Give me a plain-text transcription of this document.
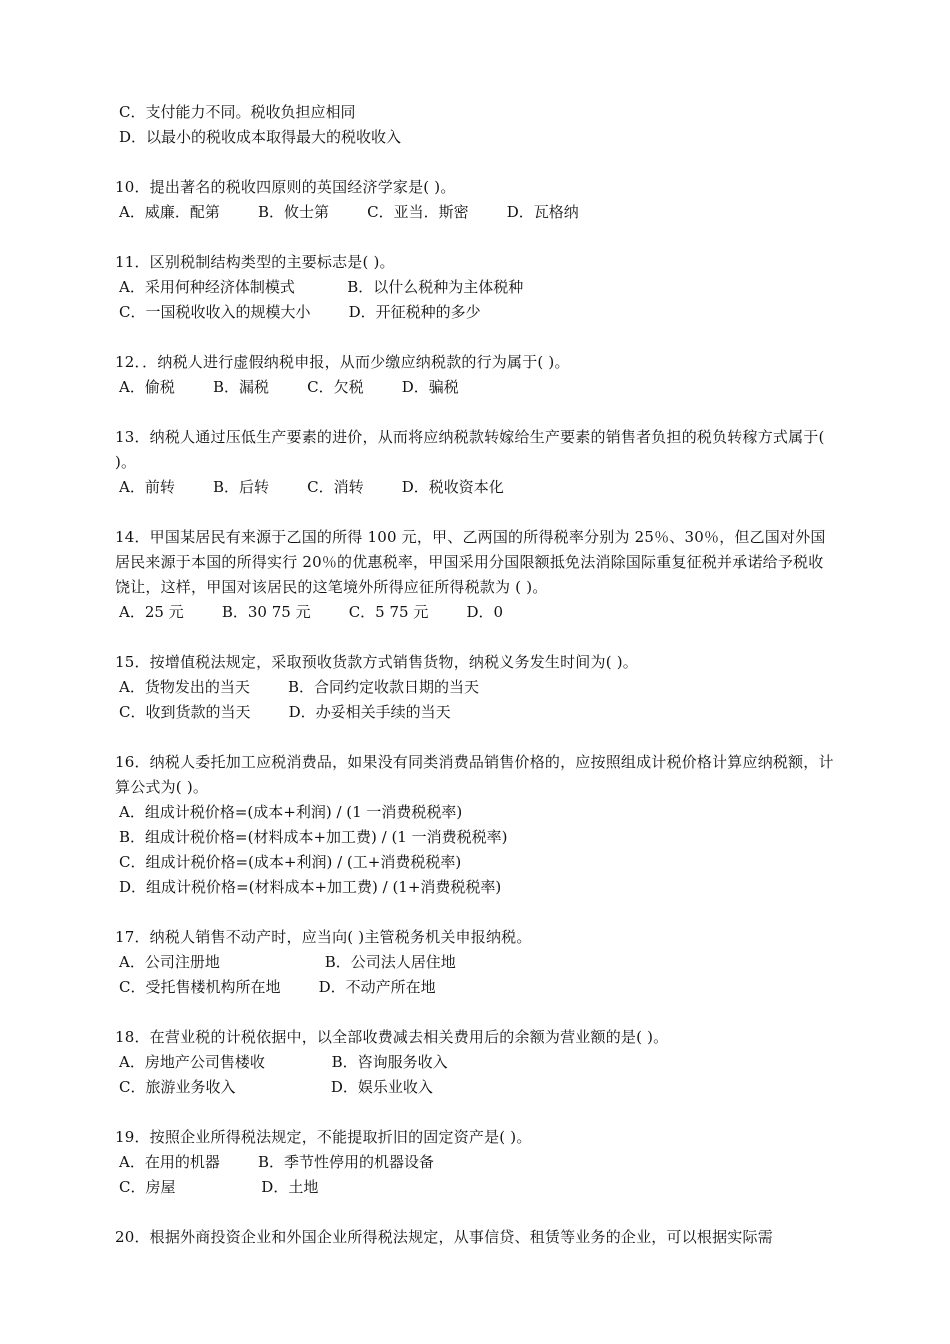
C．支付能力不同。税收负担应相同
D．以最小的税收成本取得最大的税收收入
10．提出著名的税收四原则的英国经济学家是( )。
A．威廉．配第        B．攸士第        C．亚当．斯密        D．瓦格纳
11．区别税制结构类型的主要标志是( )。
A．采用何种经济体制模式           B．以什么税种为主体税种
C．一国税收收入的规模大小        D．开征税种的多少
12．．纳税人进行虚假纳税申报，从而少缴应纳税款的行为属于( )。
A．偷税        B．漏税        C．欠税        D．骗税
13．纳税人通过压低生产要素的进价，从而将应纳税款转嫁给生产要素的销售者负担的税负转稼方式属于( )。
A．前转        B．后转        C．消转        D．税收资本化
14．甲国某居民有来源于乙国的所得 100 元，甲、乙两国的所得税率分别为 25％、30％，但乙国对外国居民来源于本国的所得实行 20％的优惠税率，甲国采用分国限额抵免法消除国际重复征税并承诺给予税收饶让，这样，甲国对该居民的这笔境外所得应征所得税款为 ( )。
A．25 元        B．30 75 元        C．5 75 元        D．0
15．按增值税法规定，采取预收货款方式销售货物，纳税义务发生时间为( )。
A．货物发出的当天        B．合同约定收款日期的当天
C．收到货款的当天        D．办妥相关手续的当天
16．纳税人委托加工应税消费品，如果没有同类消费品销售价格的，应按照组成计税价格计算应纳税额，计算公式为( )。
A．组成计税价格=(成本+利润) / (1 一消费税税率)
B．组成计税价格=(材料成本+加工费) / (1 一消费税税率)
C．组成计税价格=(成本+利润) / (工+消费税税率)
D．组成计税价格=(材料成本+加工费) / (1+消费税税率)
17．纳税人销售不动产时，应当向( )主管税务机关申报纳税。
A．公司注册地                      B．公司法人居住地
C．受托售楼机构所在地        D．不动产所在地
18．在营业税的计税依据中，以全部收费减去相关费用后的余额为营业额的是( )。
A．房地产公司售楼收              B．咨询服务收入
C．旅游业务收入                    D．娱乐业收入
19．按照企业所得税法规定，不能提取折旧的固定资产是( )。
A．在用的机器        B．季节性停用的机器设备
C．房屋                  D．土地
20．根据外商投资企业和外国企业所得税法规定，从事信贷、租赁等业务的企业，可以根据实际需
